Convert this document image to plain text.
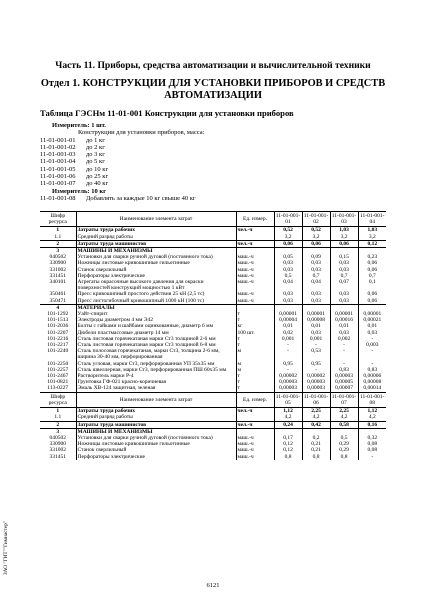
ЗАО "ГИТ""Гимнастер"
Часть 11. Приборы, средства автоматизации и вычислительной техники
Отдел 1. КОНСТРУКЦИИ ДЛЯ УСТАНОВКИ ПРИБОРОВ И СРЕДСТВ АВТОМАТИЗАЦИИ
Таблица ГЭСНм 11-01-001 Конструкции для установки приборов
Измеритель: 1 шт.
Конструкции для установки приборов, масса:
11-01-001-01 до 1 кг
11-01-001-02 до 2 кг
11-01-001-03 до 3 кг
11-01-001-04 до 5 кг
11-01-001-05 до 10 кг
11-01-001-06 до 25 кг
11-01-001-07 до 40 кг
Измеритель: 10 кг
11-01-001-08 Добавлять за каждые 10 кг свыше 40 кг
Шифр ресурса	Наименование элемента затрат	Ед. измер.	11-01-001-01	11-01-001-02	11-01-001-03	11-01-001-04
1	Затраты труда рабочих	чел.-ч	0,52	0,52	1,03	1,03
1.1	Средний разряд работы		3,2	3,2	3,2	3,2
2	Затраты труда машинистов	чел.-ч	0,06	0,06	0,06	0,12
3	МАШИНЫ И МЕХАНИЗМЫ					
040502	Установки для сварки ручной дуговой (постоянного тока)	маш.-ч	0,05	0,09	0,15	0,23
330900	Ножницы листовые кривошипные гильотинные	маш.-ч	0,03	0,03	0,03	0,06
331002	Станок сверлильный	маш.-ч	0,03	0,03	0,03	0,06
331451	Перфораторы электрические	маш.-ч	0,5	0,7	0,7	0,7
340101	Агрегаты окрасочные высокого давления для окраски поверхностей конструкций мощностью 1 кВт	маш.-ч	0,04	0,04	0,07	0,1
350461	Пресс кривошипный простого действия 25 кН (2,5 тс)	маш.-ч	0,03	0,03	0,03	0,06
350471	Пресс листогибочный кривошипный 1000 кН (100 тс)	маш.-ч	0,03	0,03	0,03	0,06
4	МАТЕРИАЛЫ					
101-1292	Уайт-спирит	т	0,00001	0,00001	0,00001	0,00001
101-1513	Электроды диаметром 4 мм Э42	т	0,00004	0,00008	0,00016	0,00021
101-2036	Болты с гайками и шайбами оцинкованные, диаметр 6 мм	кг	0,01	0,01	0,01	0,01
101-2207	Дюбели пластмассовые диаметр 14 мм	100 шт.	0,02	0,03	0,03	0,03
101-2216	Сталь листовая горячекатаная марки Ст3 толщиной 2-6 мм	т	0,001	0,001	0,002	-
101-2217	Сталь листовая горячекатаная марки Ст3 толщиной 6-8 мм	т	-	-	-	0,003
101-2240	Сталь полосовая горячекатаная, марки Ст3, толщина 2-6 мм, ширина 30-40 мм, перфорированная	м	-	0,53	-	-
101-2250	Сталь угловая, марки Ст3, перфорированная УП 35х35 мм	м	0,95	0,95	-	-
101-2257	Сталь швеллерная, марки Ст3, перфорированная ПШ 60х35 мм	м	-	-	0,83	0,83
101-2467	Растворитель марки Р-4	т	0,00002	0,00002	0,00003	0,00006
101-0821	Грунтовка ГФ-021 красно-коричневая	т	0,00003	0,00003	0,00005	0,00008
113-0227	Эмаль ХВ-124 защитная, зеленая	т	0,00003	0,00003	0,00007	0,00014
Шифр ресурса	Наименование элемента затрат	Ед. измер.	11-01-001-05	11-01-001-06	11-01-001-07	11-01-001-08
1	Затраты труда рабочих	чел.-ч	1,12	2,25	2,25	1,12
1.1	Средний разряд работы		4,2	4,2	4,2	4,2
2	Затраты труда машинистов	чел.-ч	0,24	0,42	0,58	0,16
3	МАШИНЫ И МЕХАНИЗМЫ					
040502	Установки для сварки ручной дуговой (постоянного тока)	маш.-ч	0,17	0,2	0,5	0,32
330900	Ножницы листовые кривошипные гильотинные	маш.-ч	0,12	0,21	0,29	0,08
331002	Станок сверлильный	маш.-ч	0,12	0,21	0,29	0,08
331451	Перфораторы электрические	маш.-ч	0,8	0,8	0,8	-
6121
